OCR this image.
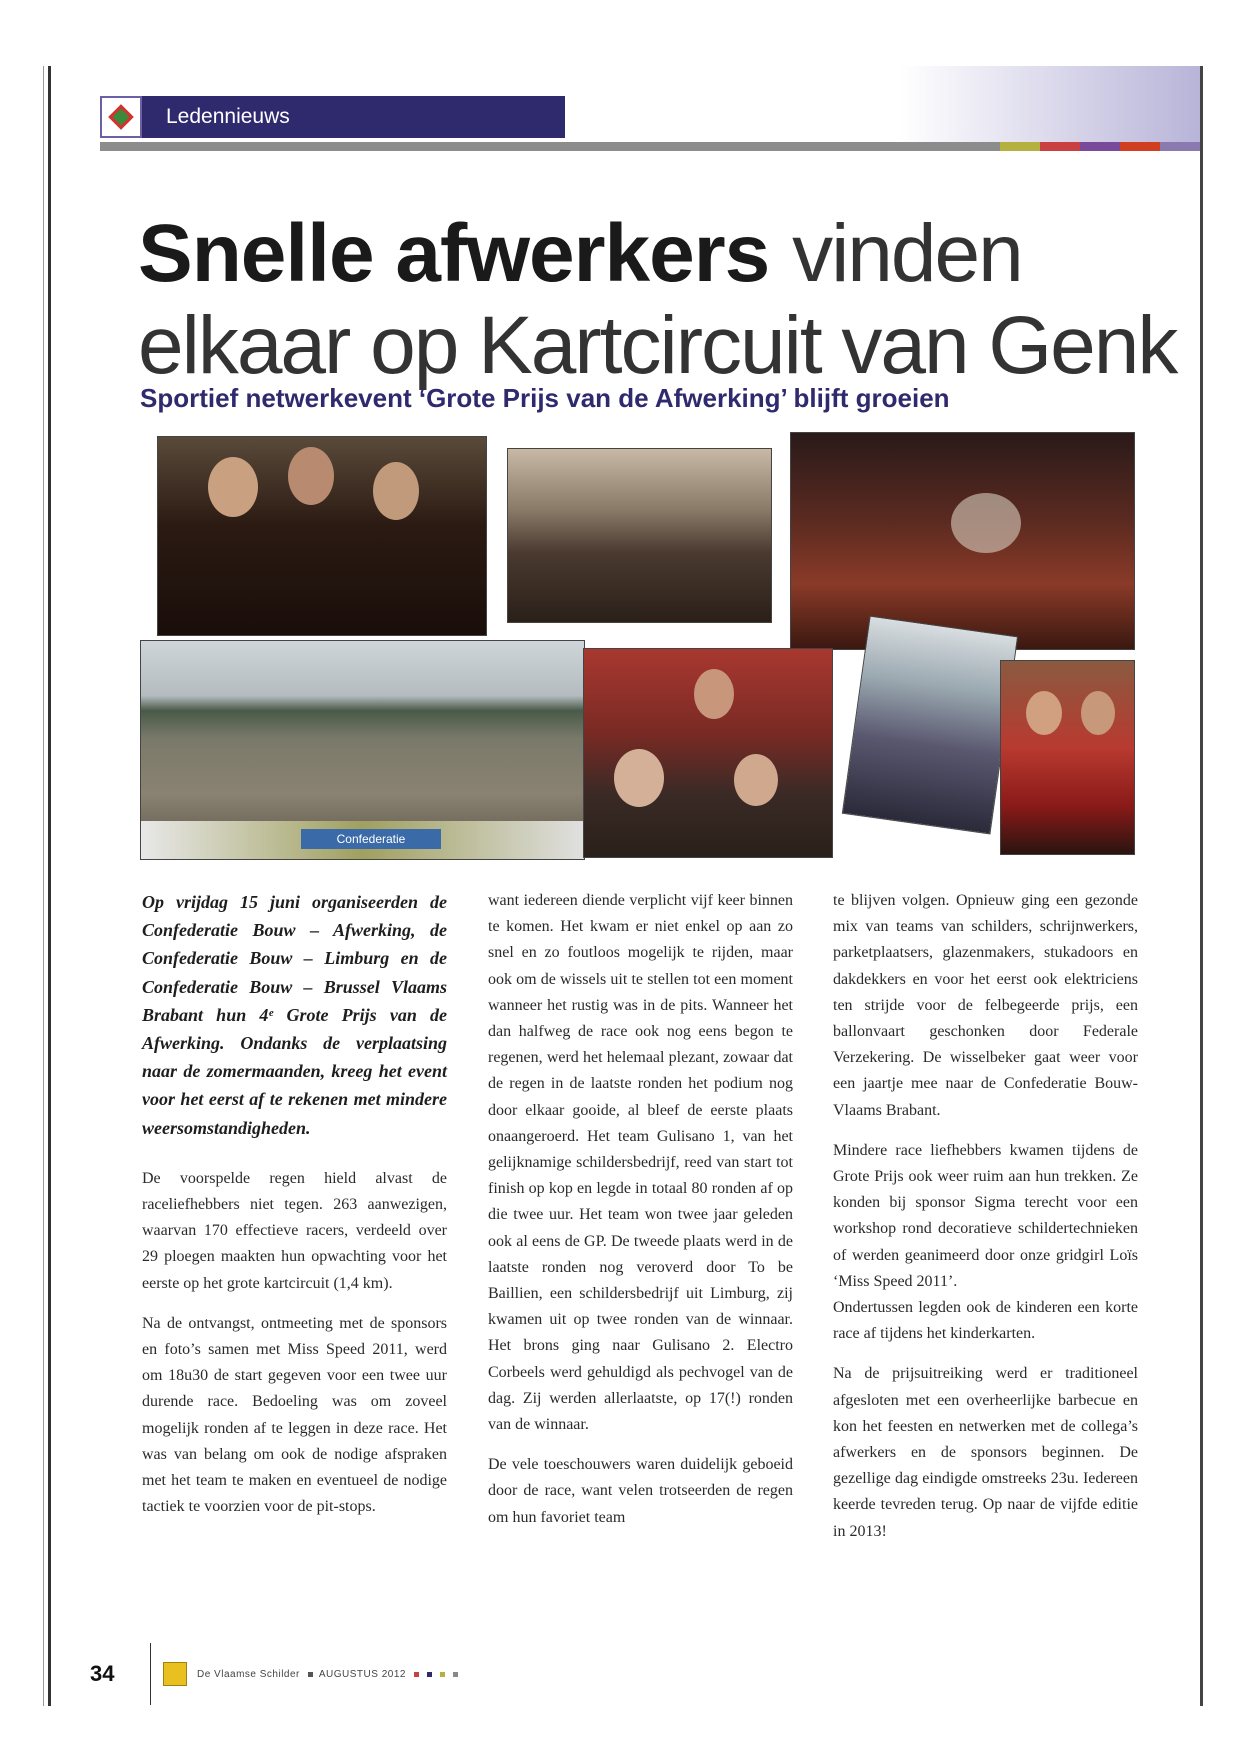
Ledennieuws
Snelle afwerkers vinden
elkaar op Kartcircuit van Genk
Sportief netwerkevent ‘Grote Prijs van de Afwerking’ blijft groeien
Confederatie

Op vrijdag 15 juni organiseerden de Confederatie Bouw – Afwerking, de Confederatie Bouw – Limburg en de Confederatie Bouw – Brussel Vlaams Brabant hun 4ᵉ Grote Prijs van de Afwerking. Ondanks de verplaatsing naar de zomermaanden, kreeg het event voor het eerst af te rekenen met mindere weersomstandigheden.

De voorspelde regen hield alvast de raceliefhebbers niet tegen. 263 aanwezigen, waarvan 170 effectieve racers, verdeeld over 29 ploegen maakten hun opwachting voor het eerste op het grote kartcircuit (1,4 km).

Na de ontvangst, ontmeeting met de sponsors en foto’s samen met Miss Speed 2011, werd om 18u30 de start gegeven voor een twee uur durende race. Bedoeling was om zoveel mogelijk ronden af te leggen in deze race. Het was van belang om ook de nodige afspraken met het team te maken en eventueel de nodige tactiek te voorzien voor de pit-stops.

want iedereen diende verplicht vijf keer binnen te komen. Het kwam er niet enkel op aan zo snel en zo foutloos mogelijk te rijden, maar ook om de wissels uit te stellen tot een moment wanneer het rustig was in de pits. Wanneer het dan halfweg de race ook nog eens begon te regenen, werd het helemaal plezant, zowaar dat de regen in de laatste ronden het podium nog door elkaar gooide, al bleef de eerste plaats onaangeroerd. Het team Gulisano 1, van het gelijknamige schildersbedrijf, reed van start tot finish op kop en legde in totaal 80 ronden af op die twee uur. Het team won twee jaar geleden ook al eens de GP. De tweede plaats werd in de laatste ronden nog veroverd door To be Baillien, een schildersbedrijf uit Limburg, zij kwamen uit op twee ronden van de winnaar. Het brons ging naar Gulisano 2. Electro Corbeels werd gehuldigd als pechvogel van de dag. Zij werden allerlaatste, op 17(!) ronden van de winnaar.

De vele toeschouwers waren duidelijk geboeid door de race, want velen trotseerden de regen om hun favoriet team

te blijven volgen. Opnieuw ging een gezonde mix van teams van schilders, schrijnwerkers, parketplaatsers, glazenmakers, stukadoors en dakdekkers en voor het eerst ook elektriciens ten strijde voor de felbegeerde prijs, een ballonvaart geschonken door Federale Verzekering. De wisselbeker gaat weer voor een jaartje mee naar de Confederatie Bouw-Vlaams Brabant.

Mindere race liefhebbers kwamen tijdens de Grote Prijs ook weer ruim aan hun trekken. Ze konden bij sponsor Sigma terecht voor een workshop rond decoratieve schildertechnieken of werden geanimeerd door onze gridgirl Loïs ‘Miss Speed 2011’.

Ondertussen legden ook de kinderen een korte race af tijdens het kinderkarten.

Na de prijsuitreiking werd er traditioneel afgesloten met een overheerlijke barbecue en kon het feesten en netwerken met de collega’s afwerkers en de sponsors beginnen. De gezellige dag eindigde omstreeks 23u. Iedereen keerde tevreden terug. Op naar de vijfde editie in 2013!

34	De Vlaamse Schilder AUGUSTUS 2012
